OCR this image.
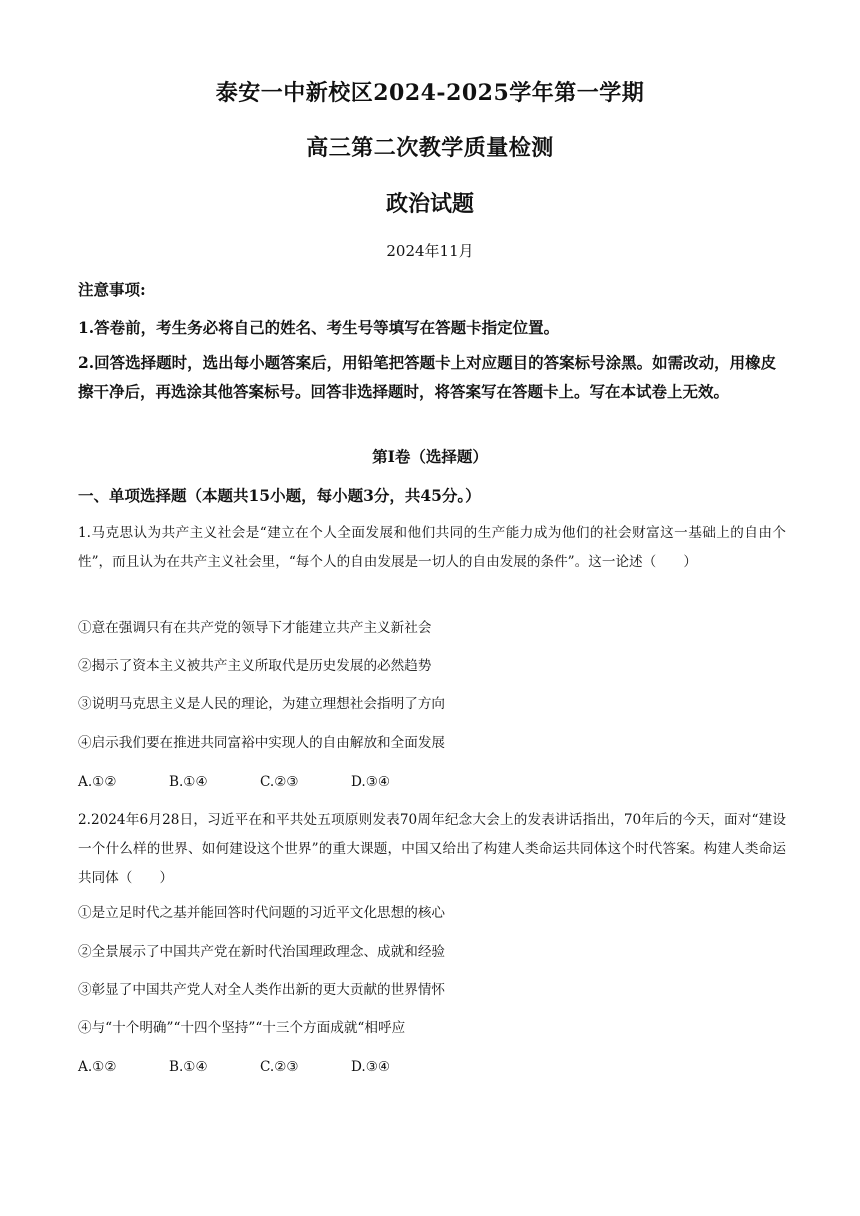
泰安一中新校区2024-2025学年第一学期
高三第二次教学质量检测
政治试题
2024年11月
注意事项:
1.答卷前，考生务必将自己的姓名、考生号等填写在答题卡指定位置。
2.回答选择题时，选出每小题答案后，用铅笔把答题卡上对应题目的答案标号涂黑。如需改动，用橡皮擦干净后，再选涂其他答案标号。回答非选择题时，将答案写在答题卡上。写在本试卷上无效。
第I卷（选择题）
一、单项选择题（本题共15小题，每小题3分，共45分。）
1.马克思认为共产主义社会是“建立在个人全面发展和他们共同的生产能力成为他们的社会财富这一基础上的自由个性”，而且认为在共产主义社会里，“每个人的自由发展是一切人的自由发展的条件”。这一论述（　　）
①意在强调只有在共产党的领导下才能建立共产主义新社会
②揭示了资本主义被共产主义所取代是历史发展的必然趋势
③说明马克思主义是人民的理论，为建立理想社会指明了方向
④启示我们要在推进共同富裕中实现人的自由解放和全面发展
A.①②	B.①④	C.②③	D.③④
2.2024年6月28日，习近平在和平共处五项原则发表70周年纪念大会上的发表讲话指出，70年后的今天，面对“建设一个什么样的世界、如何建设这个世界”的重大课题，中国又给出了构建人类命运共同体这个时代答案。构建人类命运共同体（　　）
①是立足时代之基并能回答时代问题的习近平文化思想的核心
②全景展示了中国共产党在新时代治国理政理念、成就和经验
③彰显了中国共产党人对全人类作出新的更大贡献的世界情怀
④与“十个明确”“十四个坚持”“十三个方面成就“相呼应
A.①②	B.①④	C.②③	D.③④
